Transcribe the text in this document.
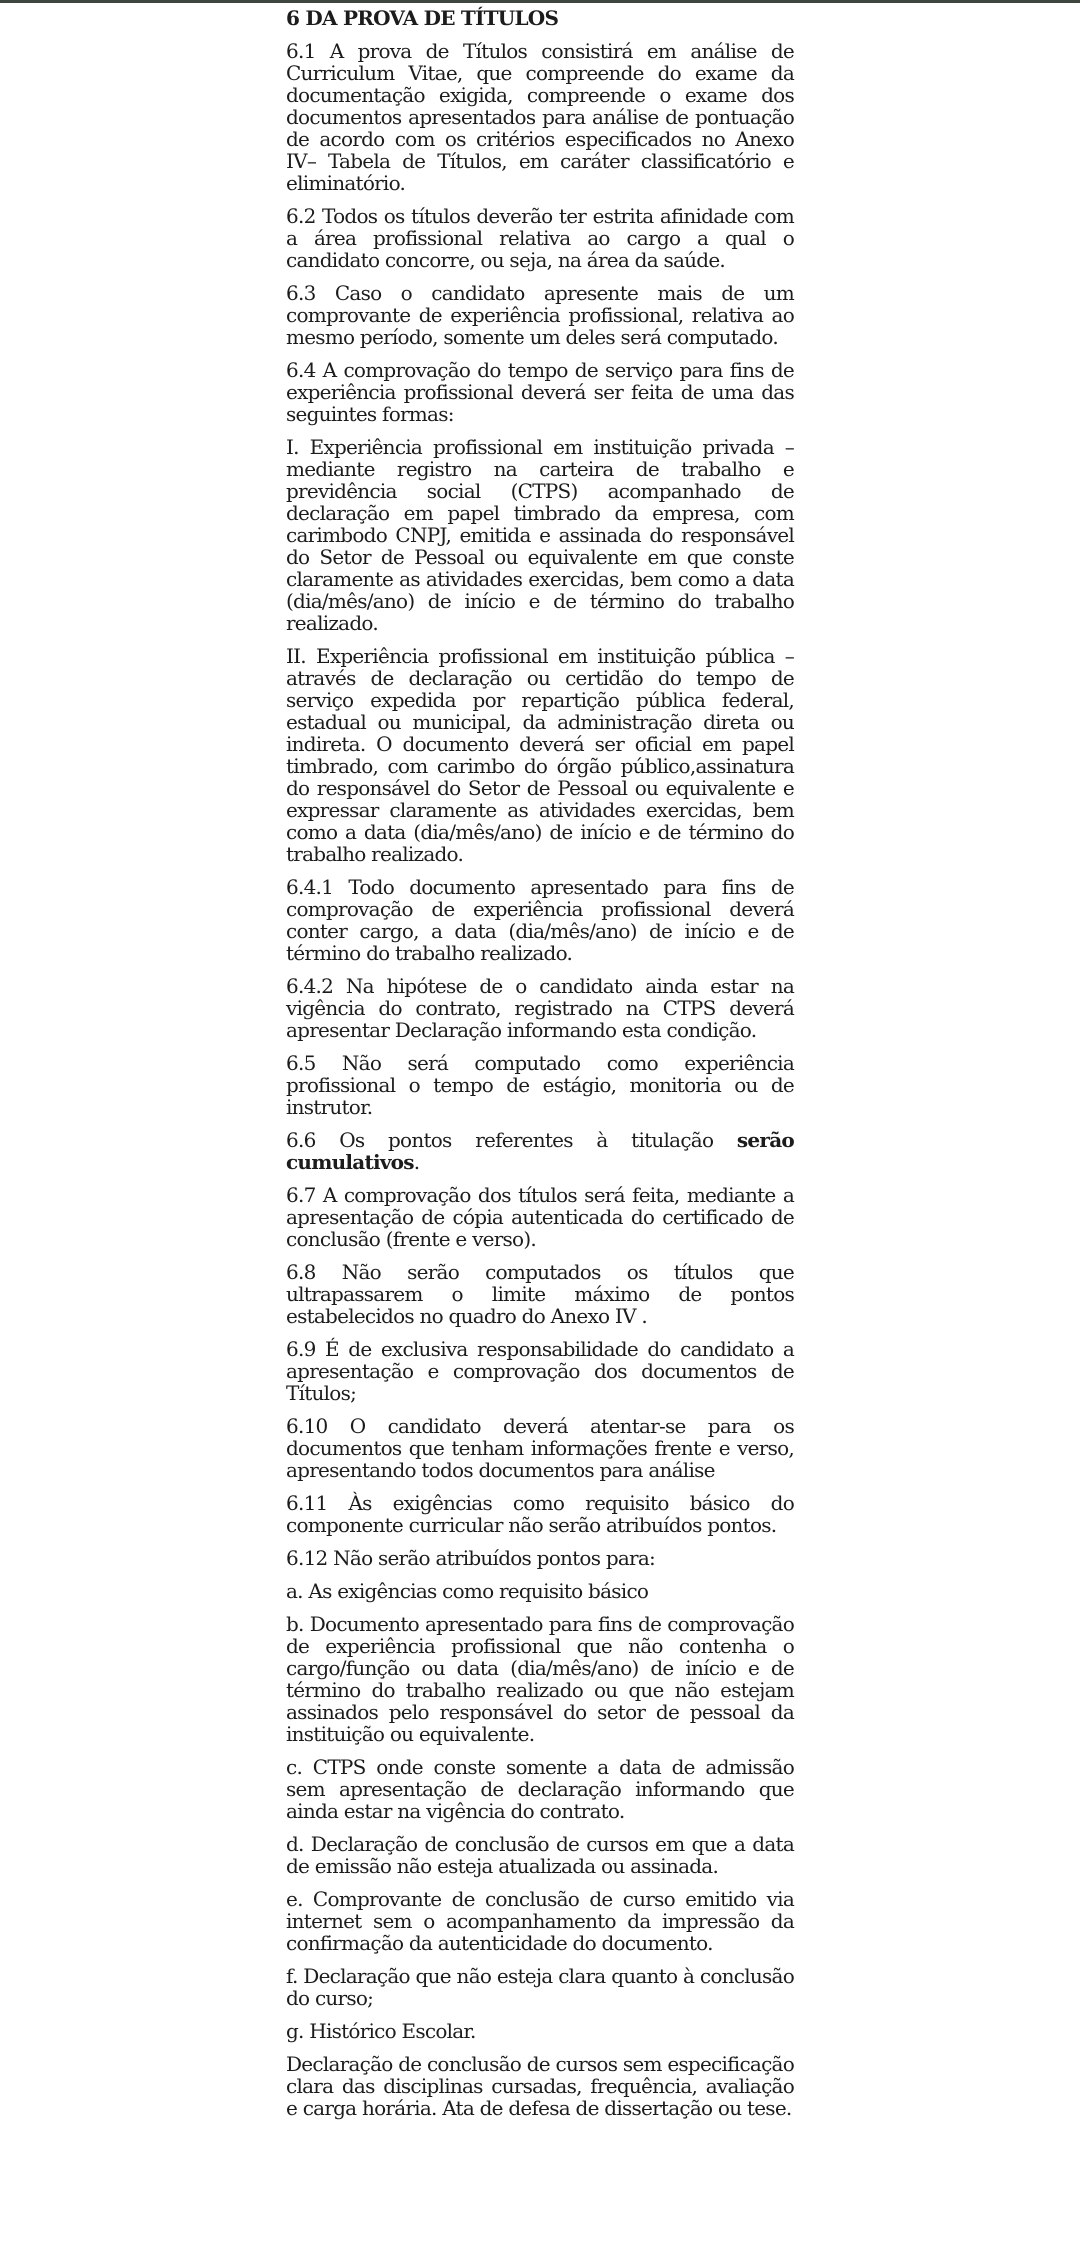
6 DA PROVA DE TÍTULOS

6.1 A prova de Títulos consistirá em análise de Curriculum Vitae, que compreende do exame da documentação exigida, compreende o exame dos documentos apresentados para análise de pontuação de acordo com os critérios especificados no Anexo IV– Tabela de Títulos, em caráter classificatório e eliminatório.

6.2 Todos os títulos deverão ter estrita afinidade com a área profissional relativa ao cargo a qual o candidato concorre, ou seja, na área da saúde.

6.3 Caso o candidato apresente mais de um comprovante de experiência profissional, relativa ao mesmo período, somente um deles será computado.

6.4 A comprovação do tempo de serviço para fins de experiência profissional deverá ser feita de uma das seguintes formas:

I. Experiência profissional em instituição privada – mediante registro na carteira de trabalho e previdência social (CTPS) acompanhado de declaração em papel timbrado da empresa, com carimbodo CNPJ, emitida e assinada do responsável do Setor de Pessoal ou equivalente em que conste claramente as atividades exercidas, bem como a data (dia/mês/ano) de início e de término do trabalho realizado.

II. Experiência profissional em instituição pública – através de declaração ou certidão do tempo de serviço expedida por repartição pública federal, estadual ou municipal, da administração direta ou indireta. O documento deverá ser oficial em papel timbrado, com carimbo do órgão público,assinatura do responsável do Setor de Pessoal ou equivalente e expressar claramente as atividades exercidas, bem como a data (dia/mês/ano) de início e de término do trabalho realizado.

6.4.1 Todo documento apresentado para fins de comprovação de experiência profissional deverá conter cargo, a data (dia/mês/ano) de início e de término do trabalho realizado.

6.4.2 Na hipótese de o candidato ainda estar na vigência do contrato, registrado na CTPS deverá apresentar Declaração informando esta condição.

6.5 Não será computado como experiência profissional o tempo de estágio, monitoria ou de instrutor.

6.6 Os pontos referentes à titulação serão cumulativos.

6.7 A comprovação dos títulos será feita, mediante a apresentação de cópia autenticada do certificado de conclusão (frente e verso).

6.8 Não serão computados os títulos que ultrapassarem o limite máximo de pontos estabelecidos no quadro do Anexo IV .

6.9 É de exclusiva responsabilidade do candidato a apresentação e comprovação dos documentos de Títulos;

6.10 O candidato deverá atentar-se para os documentos que tenham informações frente e verso, apresentando todos documentos para análise

6.11 Às exigências como requisito básico do componente curricular não serão atribuídos pontos.

6.12 Não serão atribuídos pontos para:

a. As exigências como requisito básico

b. Documento apresentado para fins de comprovação de experiência profissional que não contenha o cargo/função ou data (dia/mês/ano) de início e de término do trabalho realizado ou que não estejam assinados pelo responsável do setor de pessoal da instituição ou equivalente.

c. CTPS onde conste somente a data de admissão sem apresentação de declaração informando que ainda estar na vigência do contrato.

d. Declaração de conclusão de cursos em que a data de emissão não esteja atualizada ou assinada.

e. Comprovante de conclusão de curso emitido via internet sem o acompanhamento da impressão da confirmação da autenticidade do documento.

f. Declaração que não esteja clara quanto à conclusão do curso;

g. Histórico Escolar.

Declaração de conclusão de cursos sem especificação clara das disciplinas cursadas, frequência, avaliação e carga horária. Ata de defesa de dissertação ou tese.
